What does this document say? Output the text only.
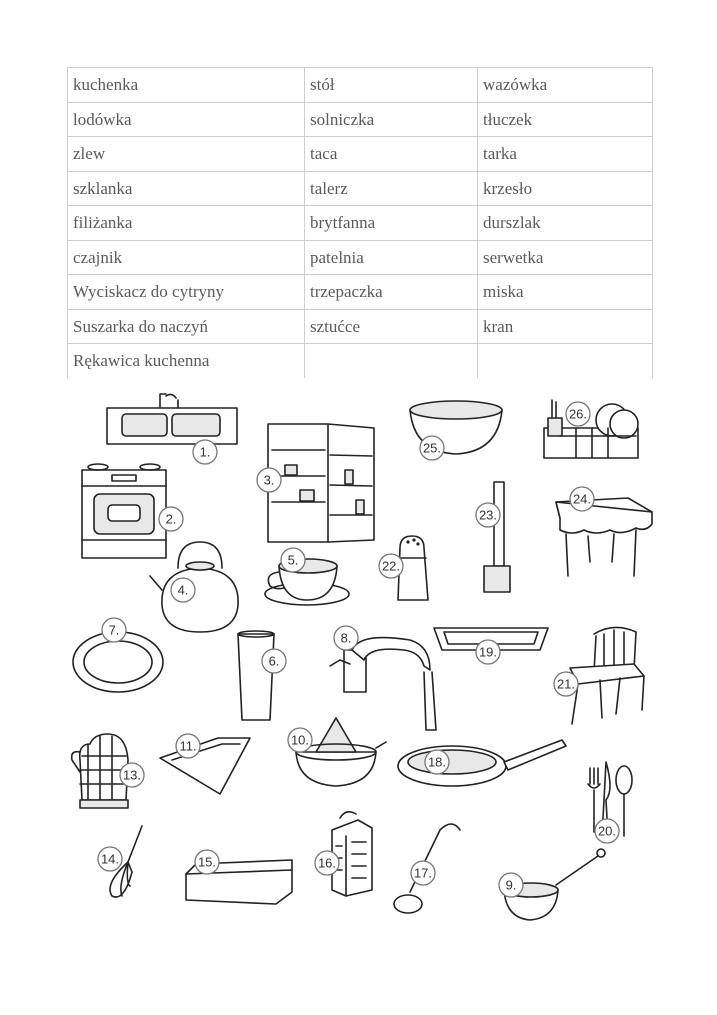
kuchenka	stół	wazówka
lodówka	solniczka	tłuczek
zlew	taca	tarka
szklanka	talerz	krzesło
filiżanka	brytfanna	durszlak
czajnik	patelnia	serwetka
Wyciskacz do cytryny	trzepaczka	miska
Suszarka do naczyń	sztućce	kran
Rękawica kuchenna		
1.
2.
3.
4.
5.
6.
7.
8.
9.
10.
11.
13.
14.	15.	16.
17.
18.
19.
20.
21.
22.
23.
24.
25.
26.
